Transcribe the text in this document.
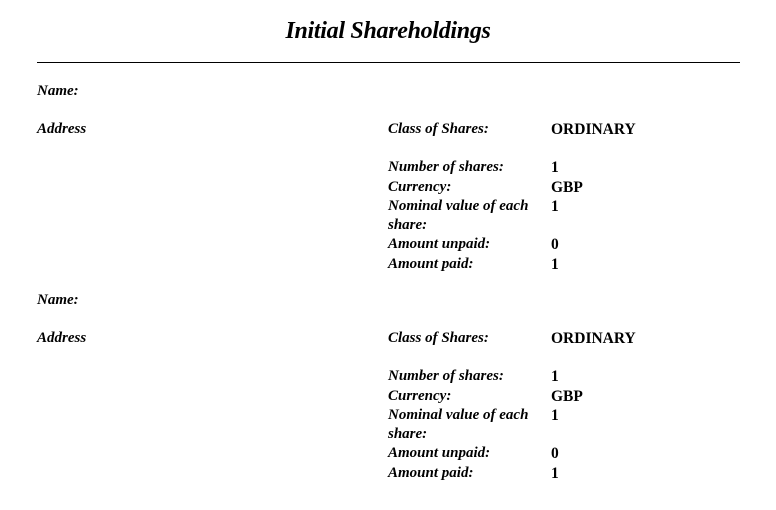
Initial Shareholdings
Name:
Address	Class of Shares:	ORDINARY
Number of shares:	1
Currency:	GBP
Nominal value of each share:
1
Amount unpaid:	0
Amount paid:	1
Name:
Address	Class of Shares:	ORDINARY
Number of shares:	1
Currency:	GBP
Nominal value of each share:
1
Amount unpaid:	0
Amount paid:	1
